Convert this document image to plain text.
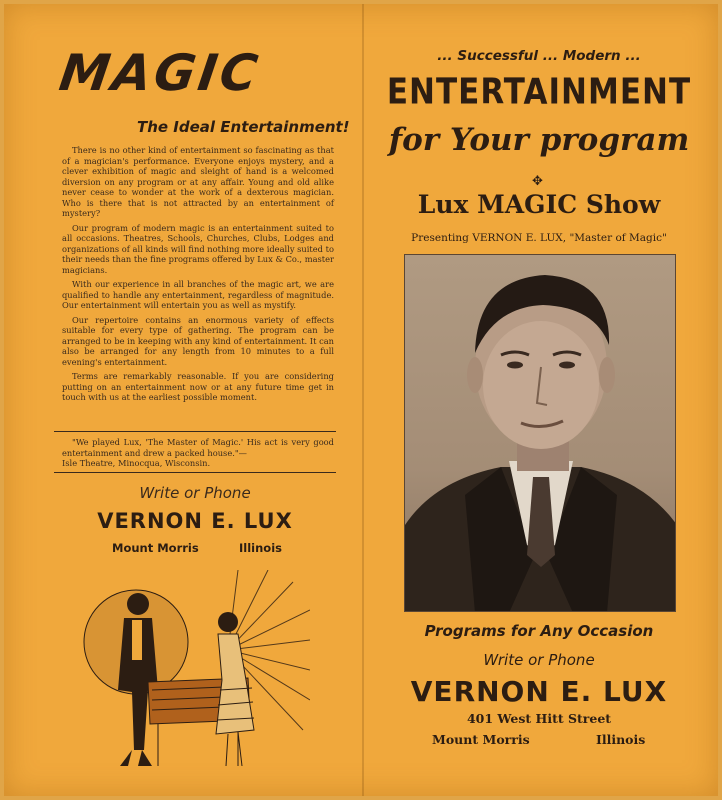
MAGIC
The Ideal Entertainment!

There is no other kind of entertainment so fascinating as that of a magician's performance. Everyone enjoys mystery, and a clever exhibition of magic and sleight of hand is a welcomed diversion on any program or at any affair. Young and old alike never cease to wonder at the work of a dexterous magician. Who is there that is not attracted by an entertainment of mystery?

Our program of modern magic is an entertainment suited to all occasions. Theatres, Schools, Churches, Clubs, Lodges and organizations of all kinds will find nothing more ideally suited to their needs than the fine programs offered by Lux & Co., master magicians.

With our experience in all branches of the magic art, we are qualified to handle any entertainment, regardless of magnitude. Our entertainment will entertain you as well as mystify.

Our repertoire contains an enormous variety of effects suitable for every type of gathering. The program can be arranged to be in keeping with any kind of entertainment. It can also be arranged for any length from 10 minutes to a full evening's entertainment.

Terms are remarkably reasonable. If you are considering putting on an entertainment now or at any future time get in touch with us at the earliest possible moment.

"We played Lux, 'The Master of Magic.' His act is very good entertainment and drew a packed house."—
Isle Theatre, Minocqua, Wisconsin.
Write or Phone
VERNON E. LUX
Mount Morris	Illinois
... Successful ... Modern ...
ENTERTAINMENT
for Your program
✥
Lux MAGIC Show
Presenting VERNON E. LUX, "Master of Magic"
Programs for Any Occasion
Write or Phone
VERNON E. LUX
401 West Hitt Street
Mount Morris	Illinois
